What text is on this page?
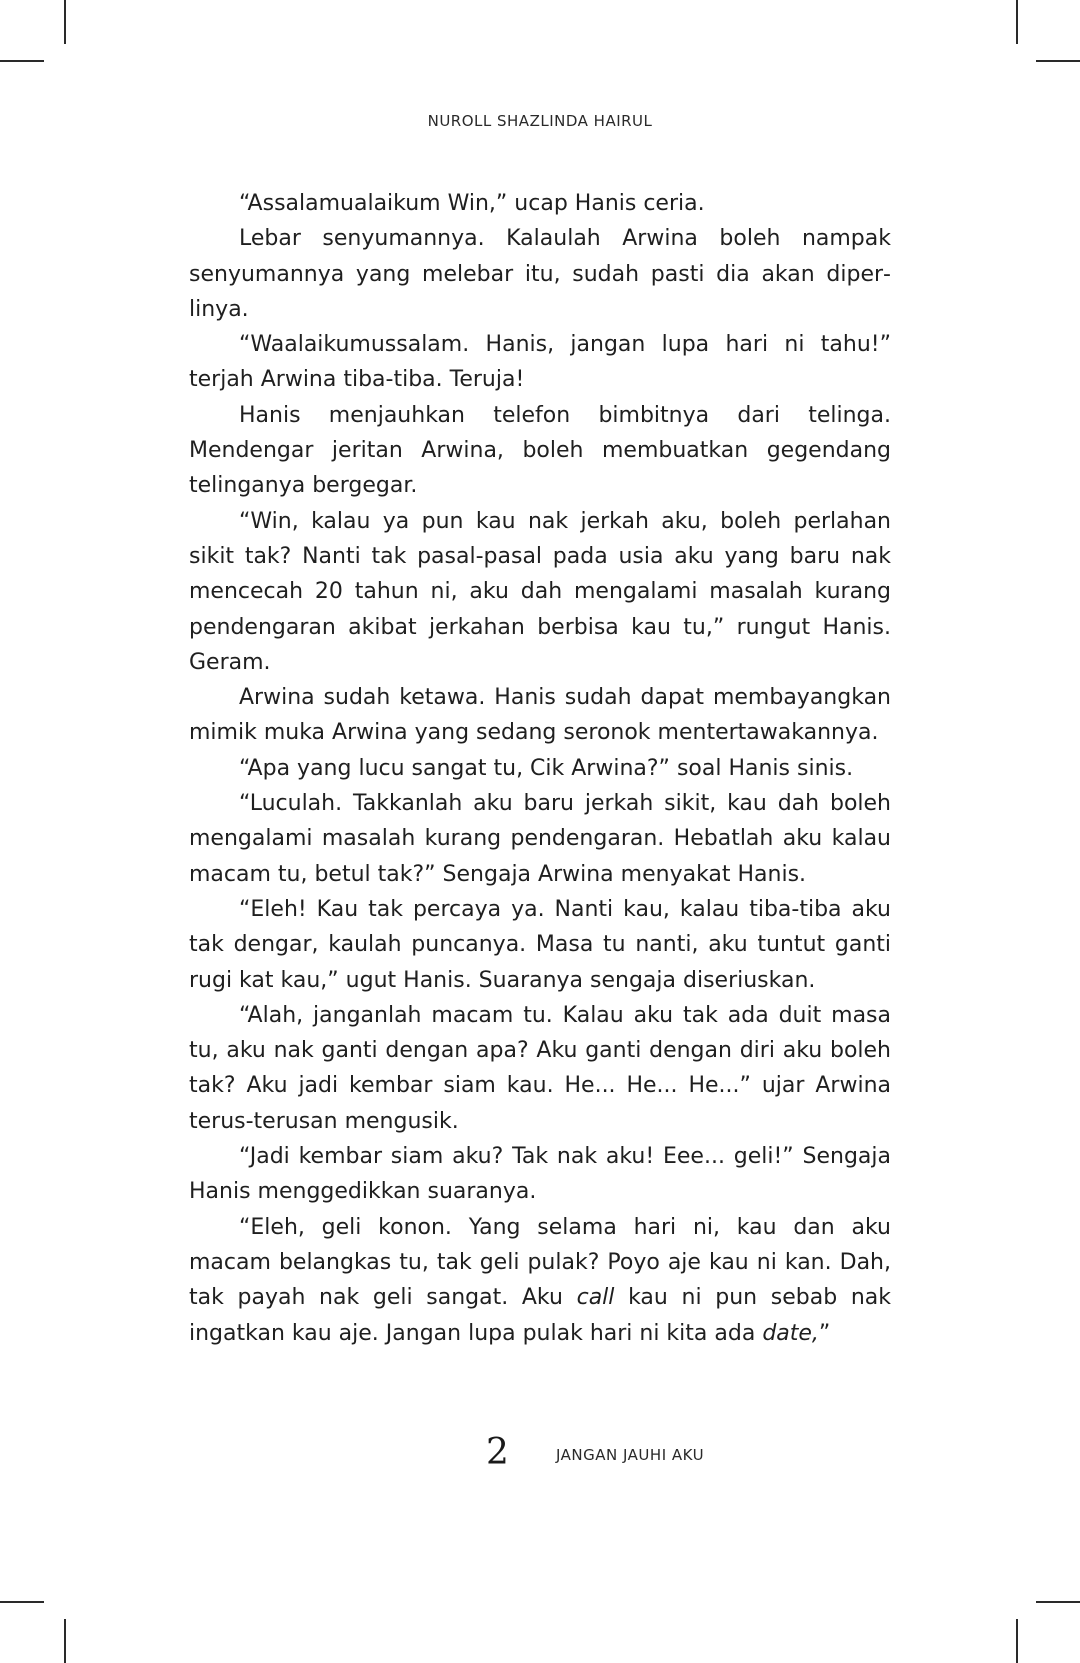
NUROLL SHAZLINDA HAIRUL

“Assalamualaikum Win,” ucap Hanis ceria.

Lebar senyumannya. Kalaulah Arwina boleh nampak senyumannya yang melebar itu, sudah pasti dia akan diperlinya.

“Waalaikumussalam. Hanis, jangan lupa hari ni tahu!” terjah Arwina tiba-tiba. Teruja!

Hanis menjauhkan telefon bimbitnya dari telinga. Mendengar jeritan Arwina, boleh membuatkan gegendang telinganya bergegar.

“Win, kalau ya pun kau nak jerkah aku, boleh perlahan sikit tak? Nanti tak pasal-pasal pada usia aku yang baru nak mencecah 20 tahun ni, aku dah mengalami masalah kurang pendengaran akibat jerkahan berbisa kau tu,” rungut Hanis. Geram.

Arwina sudah ketawa. Hanis sudah dapat membayangkan mimik muka Arwina yang sedang seronok mentertawakannya.

“Apa yang lucu sangat tu, Cik Arwina?” soal Hanis sinis.

“Luculah. Takkanlah aku baru jerkah sikit, kau dah boleh mengalami masalah kurang pendengaran. Hebatlah aku kalau macam tu, betul tak?” Sengaja Arwina menyakat Hanis.

“Eleh! Kau tak percaya ya. Nanti kau, kalau tiba-tiba aku tak dengar, kaulah puncanya. Masa tu nanti, aku tuntut ganti rugi kat kau,” ugut Hanis. Suaranya sengaja diseriuskan.

“Alah, janganlah macam tu. Kalau aku tak ada duit masa tu, aku nak ganti dengan apa? Aku ganti dengan diri aku boleh tak? Aku jadi kembar siam kau. He... He... He...” ujar Arwina terus-terusan mengusik.

“Jadi kembar siam aku? Tak nak aku! Eee... geli!” Sengaja Hanis menggedikkan suaranya.

“Eleh, geli konon. Yang selama hari ni, kau dan aku macam belangkas tu, tak geli pulak? Poyo aje kau ni kan. Dah, tak payah nak geli sangat. Aku call kau ni pun sebab nak ingatkan kau aje. Jangan lupa pulak hari ni kita ada date,”

2	JANGAN JAUHI AKU
